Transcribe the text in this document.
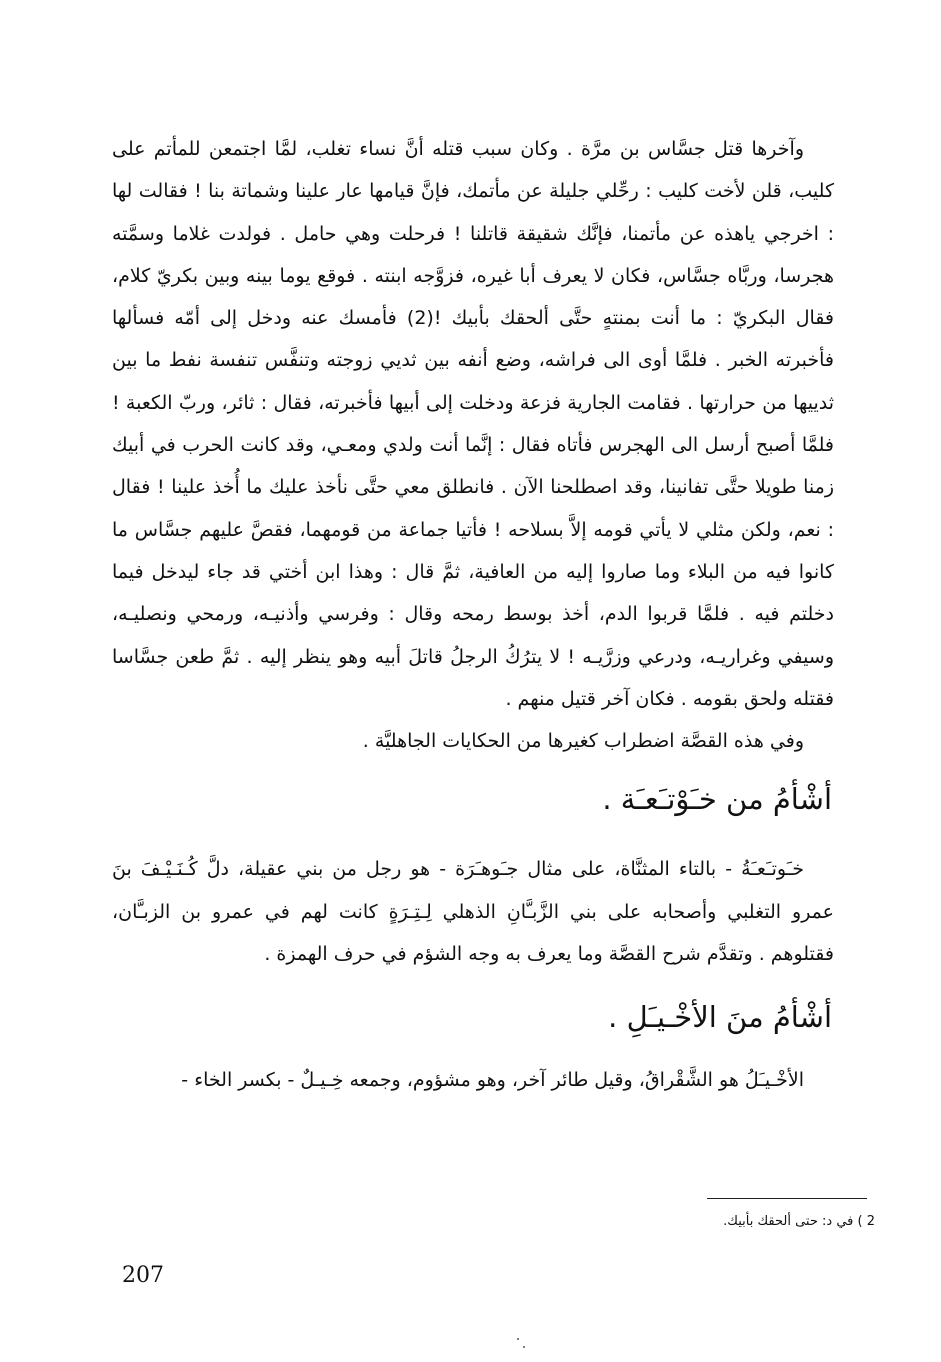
وآخرها قتل جسَّاس بن مرَّة . وكان سبب قتله أنَّ نساء تغلب، لمَّا اجتمعن للمأتم على كليب، قلن لأخت كليب : رحِّلي جليلة عن مأتمك، فإنَّ قيامها عار علينا وشماتة بنا ! فقالت لها : اخرجي ياهذه عن مأتمنا، فإنَّك شقيقة قاتلنا ! فرحلت وهي حامل . فولدت غلاما وسمَّته هجرسا، وربَّاه جسَّاس، فكان لا يعرف أبا غيره، فزوَّجه ابنته . فوقع يوما بينه وبين بكريّ كلام، فقال البكريّ : ما أنت بمنتهٍ حتَّى ألحقك بأبيك !(2) فأمسك عنه ودخل إلى أمّه فسألها فأخبرته الخبر . فلمَّا أوى الى فراشه، وضع أنفه بين ثديي زوجته وتنفَّس تنفسة نفط ما بين ثدييها من حرارتها . فقامت الجارية فزعة ودخلت إلى أبيها فأخبرته، فقال : ثائر، وربّ الكعبة ! فلمَّا أصبح أرسل الى الهجرس فأتاه فقال : إنَّما أنت ولدي ومعـي، وقد كانت الحرب في أبيك زمنا طويلا حتَّى تفانينا، وقد اصطلحنا الآن . فانطلق معي حتَّى نأخذ عليك ما أُخذ علينا ! فقال : نعم، ولكن مثلي لا يأتي قومه إلاَّ بسلاحه ! فأتيا جماعة من قومهما، فقصَّ عليهم جسَّاس ما كانوا فيه من البلاء وما صاروا إليه من العافية، ثمَّ قال : وهذا ابن أختي قد جاء ليدخل فيما دخلتم فيه . فلمَّا قربوا الدم، أخذ بوسط رمحه وقال : وفرسي وأذنيـه، ورمحي ونصليـه، وسيفي وغراريـه، ودرعي وزرَّيـه ! لا يترُكُ الرجلُ قاتلَ أبيه وهو ينظر إليه . ثمَّ طعن جسَّاسا فقتله ولحق بقومه . فكان آخر قتيل منهم .

وفي هذه القصَّة اضطراب كغيرها من الحكايات الجاهليَّة .

أشْأمُ من خـَوْتـَعـَة .

خـَوتـَعـَةُ - بالتاء المثنَّاة، على مثال جـَوهـَرَة - هو رجل من بني عقيلة، دلَّ كُـنَـيْـفَ بنَ عمرو التغلبي وأصحابه على بني الزَّبـَّانِ الذهلي لِـتِـرَةٍ كانت لهم في عمرو بن الزبـَّان، فقتلوهم . وتقدَّم شرح القصَّة وما يعرف به وجه الشؤم في حرف الهمزة .

أشْأمُ منَ الأخْـيـَلِ .

الأخْـيـَلُ هو الشَّقْراقُ، وقيل طائر آخر، وهو مشؤوم، وجمعه خِـيـلٌ - بكسر الخاء -

2 ) في د: حتى ألحقك بأبيك.
207
